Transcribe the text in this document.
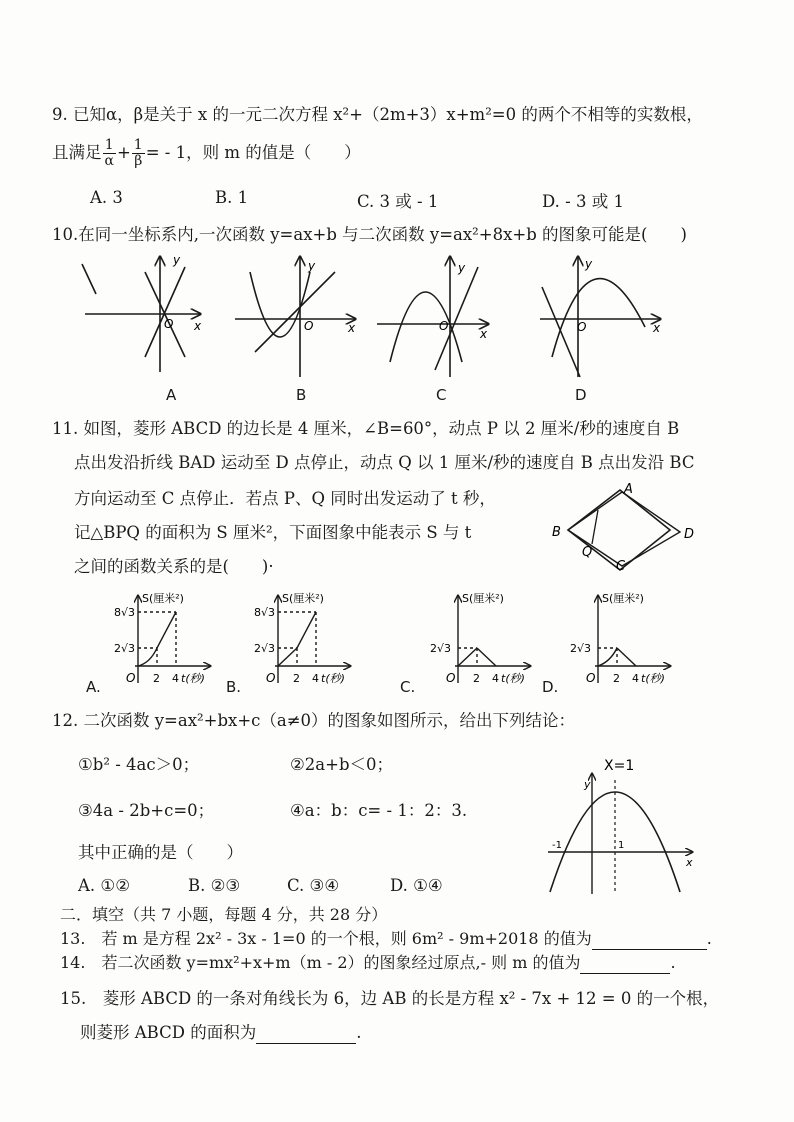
9. 已知α，β是关于 x 的一元二次方程 x²+（2m+3）x+m²=0 的两个不相等的实数根，
且满足 $\frac{1}{\alpha} + \frac{1}{\beta}$ = - 1，则 m 的值是（　　）
A. 3	B. 1	C. 3 或 - 1	D. - 3 或 1
10.在同一坐标系内,一次函数 y=ax+b 与二次函数 y=ax²+8x+b 的图象可能是(　　)
y
x
O
y
x
O
y
x
O
y
x
O
A	B	C	D
11. 如图，菱形 ABCD 的边长是 4 厘米，∠B=60°，动点 P 以 2 厘米/秒的速度自 B
点出发沿折线 BAD 运动至 D 点停止，动点 Q 以 1 厘米/秒的速度自 B 点出发沿 BC
方向运动至 C 点停止．若点 P、Q 同时出发运动了 t 秒，
记△BPQ 的面积为 S 厘米²，下面图象中能表示 S 与 t
之间的函数关系的是(　　)·
A
B
C
D
Q
S(厘米²)
8√3
2√3
O 2 4 t(秒)
S(厘米²)
8√3
2√3
O 2 4 t(秒)
S(厘米²)
2√3
O 2 4 t(秒)
S(厘米²)
2√3
O 2 4 t(秒)
A.	B.	C.	D.
12. 二次函数 y=ax²+bx+c（a≠0）的图象如图所示，给出下列结论：
①b² - 4ac＞0；	②2a+b＜0；
③4a - 2b+c=0；	④a：b：c= - 1：2：3.
其中正确的是（　　）
A. ①②	B. ②③	C. ③④	D. ①④
X=1
y
x
-1	1
二．填空（共 7 小题，每题 4 分，共 28 分）
13.　若 m 是方程 2x² - 3x - 1=0 的一个根，则 6m² - 9m+2018 的值为	.
14.　若二次函数 y=mx²+x+m（m - 2）的图象经过原点,- 则 m 的值为	.
15.　菱形 ABCD 的一条对角线长为 6，边 AB 的长是方程 x² - 7x + 12 = 0 的一个根，
则菱形 ABCD 的面积为	.
